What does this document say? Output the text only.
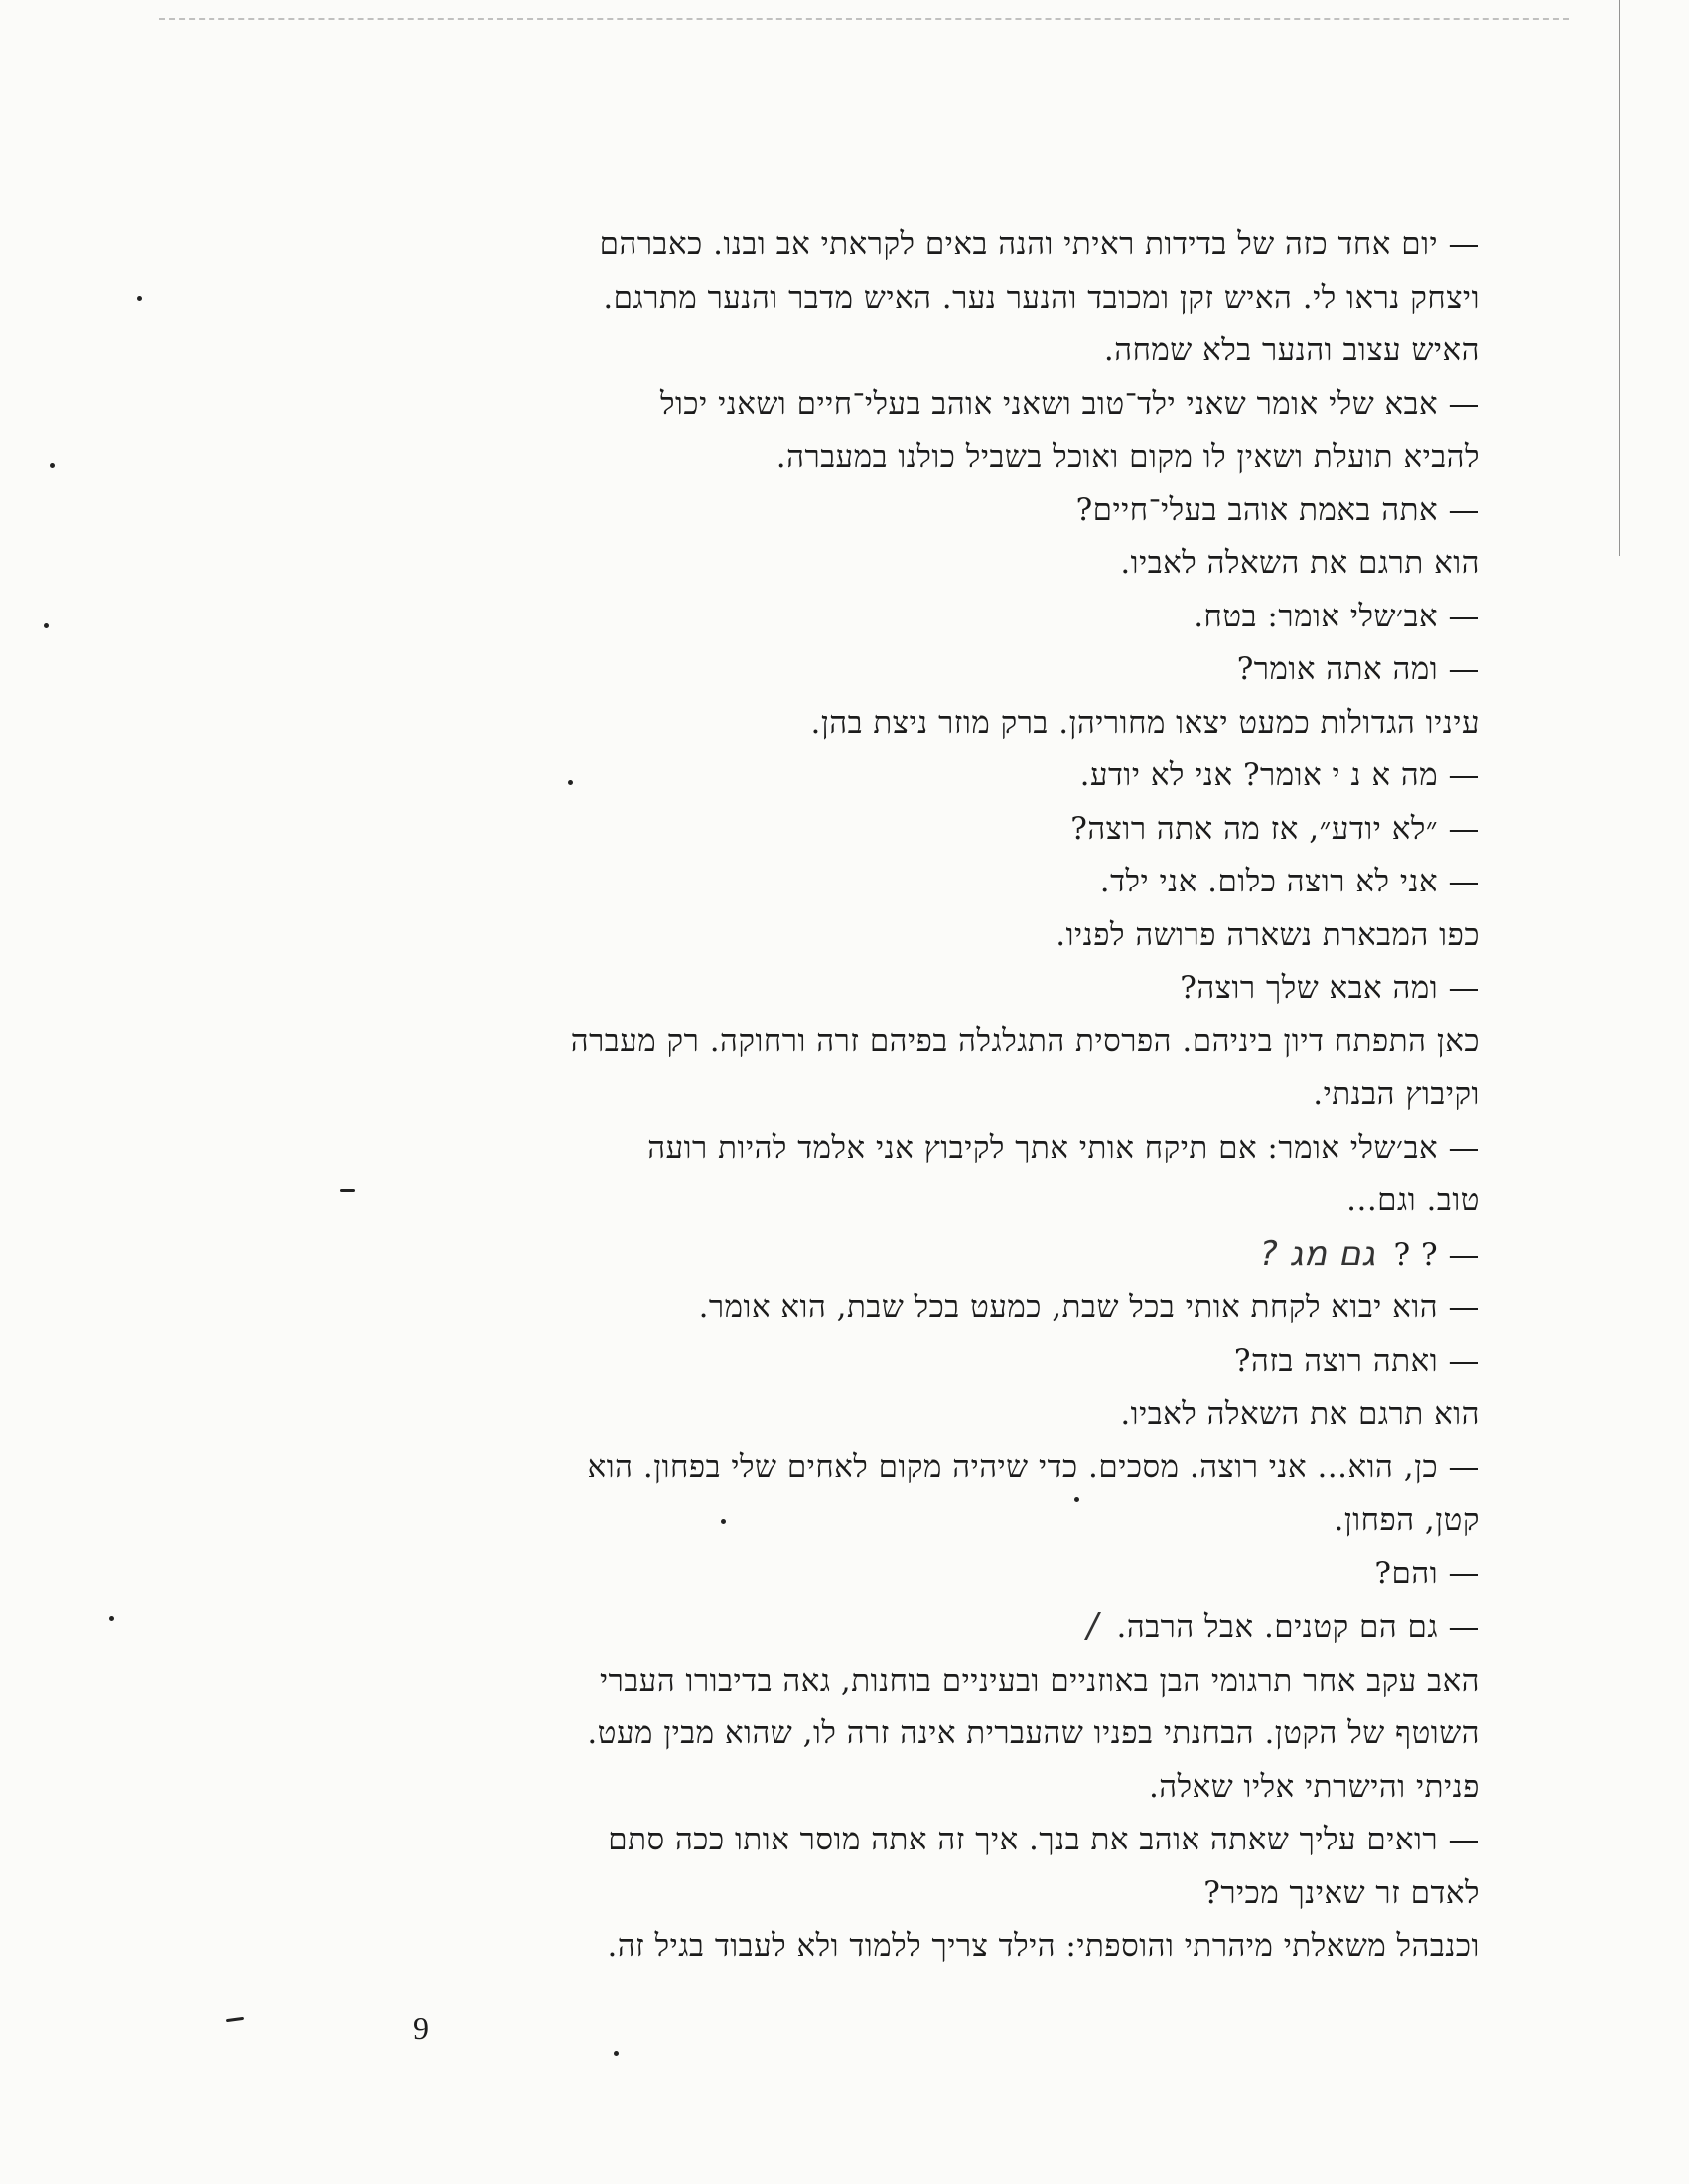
— יום אחד כזה של בדידות ראיתי והנה באים לקראתי אב ובנו. כאברהם

ויצחק נראו לי. האיש זקן ומכובד והנער נער. האיש מדבר והנער מתרגם.

האיש עצוב והנער בלא שמחה.

— אבא שלי אומר שאני ילד־טוב ושאני אוהב בעלי־חיים ושאני יכול

להביא תועלת ושאין לו מקום ואוכל בשביל כולנו במעברה.

— אתה באמת אוהב בעלי־חיים?

הוא תרגם את השאלה לאביו.

— אב׳שלי אומר: בטח.

— ומה אתה אומר?

עיניו הגדולות כמעט יצאו מחוריהן. ברק מוזר ניצת בהן.

— מה א נ י אומר? אני לא יודע.

— ״לא יודע״, אז מה אתה רוצה?

— אני לא רוצה כלום. אני ילד.

כפו המבארת נשארה פרושה לפניו.

— ומה אבא שלך רוצה?

כאן התפתח דיון ביניהם. הפרסית התגלגלה בפיהם זרה ורחוקה. רק מעברה

וקיבוץ הבנתי.

— אב׳שלי אומר: אם תיקח אותי אתך לקיבוץ אני אלמד להיות רועה

טוב. וגם...

— ? ?גם מג ?

— הוא יבוא לקחת אותי בכל שבת, כמעט בכל שבת, הוא אומר.

— ואתה רוצה בזה?

הוא תרגם את השאלה לאביו.

— כן, הוא... אני רוצה. מסכים. כדי שיהיה מקום לאחים שלי בפחון. הוא

קטן, הפחון.

— והם?

— גם הם קטנים. אבל הרבה./

האב עקב אחר תרגומי הבן באוזניים ובעיניים בוחנות, גאה בדיבורו העברי

השוטף של הקטן. הבחנתי בפניו שהעברית אינה זרה לו, שהוא מבין מעט.

פניתי והישרתי אליו שאלה.

— רואים עליך שאתה אוהב את בנך. איך זה אתה מוסר אותו ככה סתם

לאדם זר שאינך מכיר?

וכנבהל משאלתי מיהרתי והוספתי: הילד צריך ללמוד ולא לעבוד בגיל זה.

9
